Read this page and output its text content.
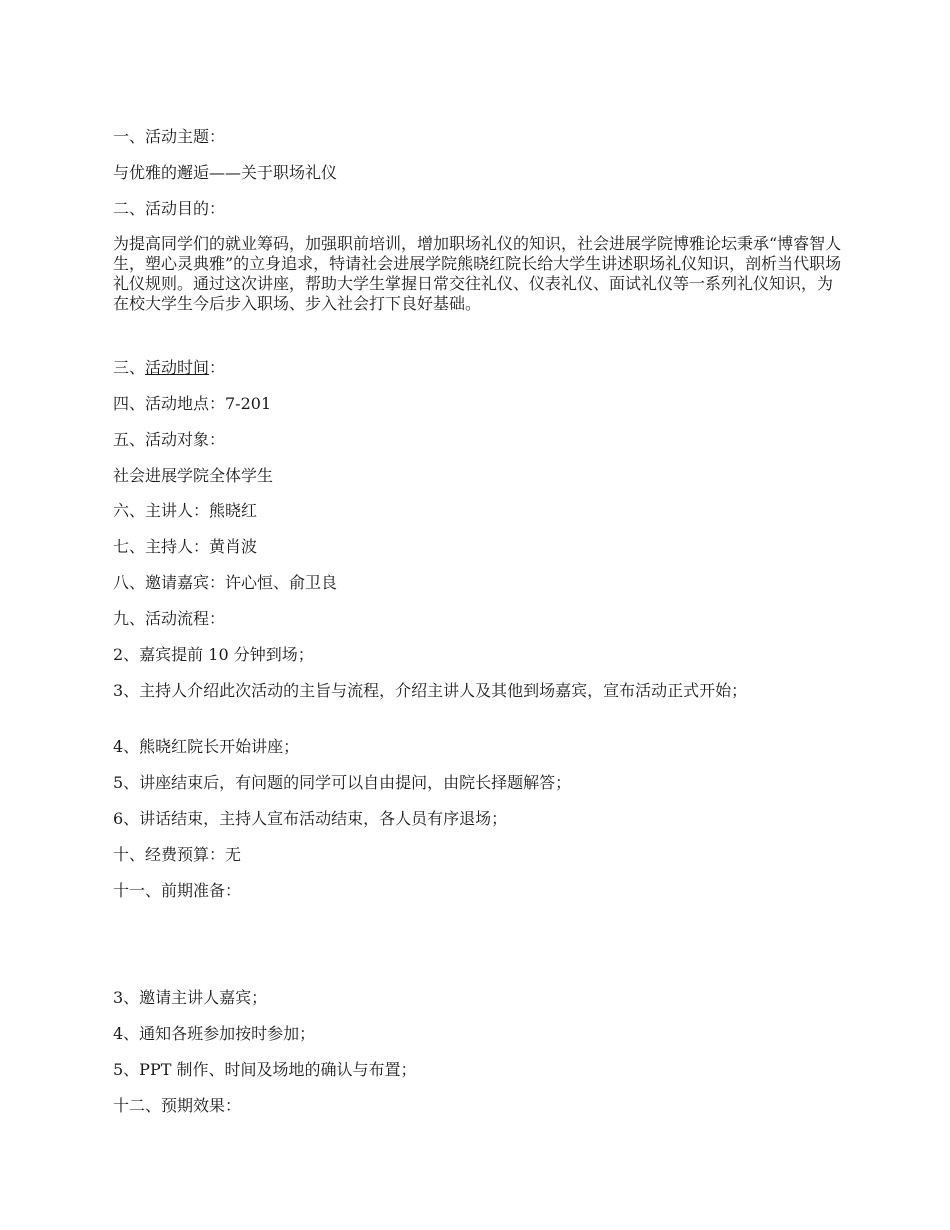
一、活动主题：

与优雅的邂逅——关于职场礼仪

二、活动目的：

为提高同学们的就业筹码，加强职前培训，增加职场礼仪的知识，社会进展学院博雅论坛秉承“博睿智人生，塑心灵典雅”的立身追求，特请社会进展学院熊晓红院长给大学生讲述职场礼仪知识，剖析当代职场礼仪规则。通过这次讲座，帮助大学生掌握日常交往礼仪、仪表礼仪、面试礼仪等一系列礼仪知识，为在校大学生今后步入职场、步入社会打下良好基础。

三、活动时间：

四、活动地点：7-201

五、活动对象：

社会进展学院全体学生

六、主讲人：熊晓红

七、主持人：黄肖波

八、邀请嘉宾：许心恒、俞卫良

九、活动流程：

2、嘉宾提前 10 分钟到场；

3、主持人介绍此次活动的主旨与流程，介绍主讲人及其他到场嘉宾，宣布活动正式开始；

4、熊晓红院长开始讲座；

5、讲座结束后，有问题的同学可以自由提问，由院长择题解答；

6、讲话结束，主持人宣布活动结束，各人员有序退场；

十、经费预算：无

十一、前期准备：

3、邀请主讲人嘉宾；

4、通知各班参加按时参加；

5、PPT 制作、时间及场地的确认与布置；

十二、预期效果：
